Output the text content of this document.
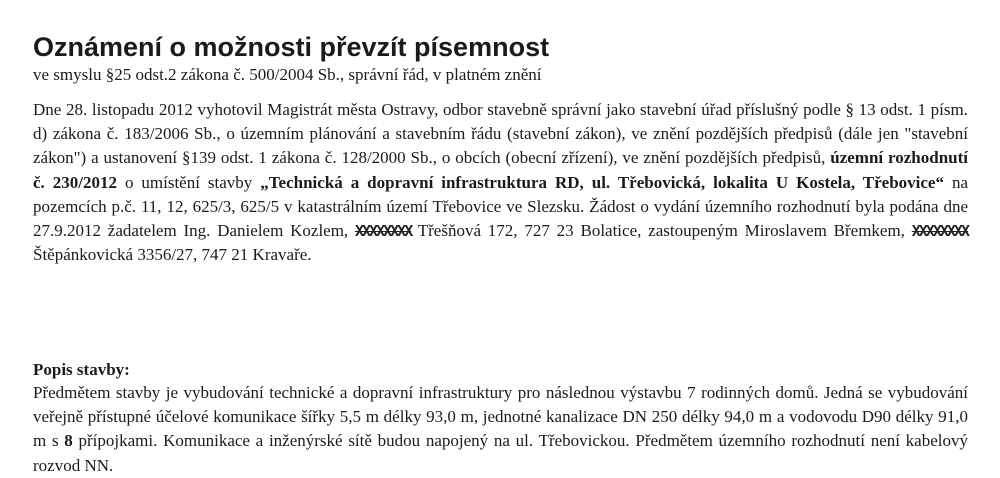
Oznámení o možnosti převzít písemnost
ve smyslu §25 odst.2 zákona č. 500/2004 Sb., správní řád, v platném znění
Dne 28. listopadu 2012 vyhotovil Magistrát města Ostravy, odbor stavebně správní jako stavební úřad příslušný podle § 13 odst. 1 písm. d) zákona č. 183/2006 Sb., o územním plánování a stavebním řádu (stavební zákon), ve znění pozdějších předpisů (dále jen "stavební zákon") a ustanovení §139 odst. 1 zákona č. 128/2000 Sb., o obcích (obecní zřízení), ve znění pozdějších předpisů, územní rozhodnutí č. 230/2012 o umístění stavby „Technická a dopravní infrastruktura RD, ul. Třebovická, lokalita U Kostela, Třebovice“ na pozemcích p.č. 11, 12, 625/3, 625/5 v katastrálním území Třebovice ve Slezsku. Žádost o vydání územního rozhodnutí byla podána dne 27.9.2012 žadatelem Ing. Danielem Kozlem, XXXXXXXX Třešňová 172, 727 23 Bolatice, zastoupeným Miroslavem Břemkem, XXXXXXXX Štěpánkovická 3356/27, 747 21 Kravaře.
Popis stavby:
Předmětem stavby je vybudování technické a dopravní infrastruktury pro následnou výstavbu 7 rodinných domů. Jedná se vybudování veřejně přístupné účelové komunikace šířky 5,5 m délky 93,0 m, jednotné kanalizace DN 250 délky 94,0 m a vodovodu D90 délky 91,0 m s 8 přípojkami. Komunikace a inženýrské sítě budou napojený na ul. Třebovickou. Předmětem územního rozhodnutí není kabelový rozvod NN.
